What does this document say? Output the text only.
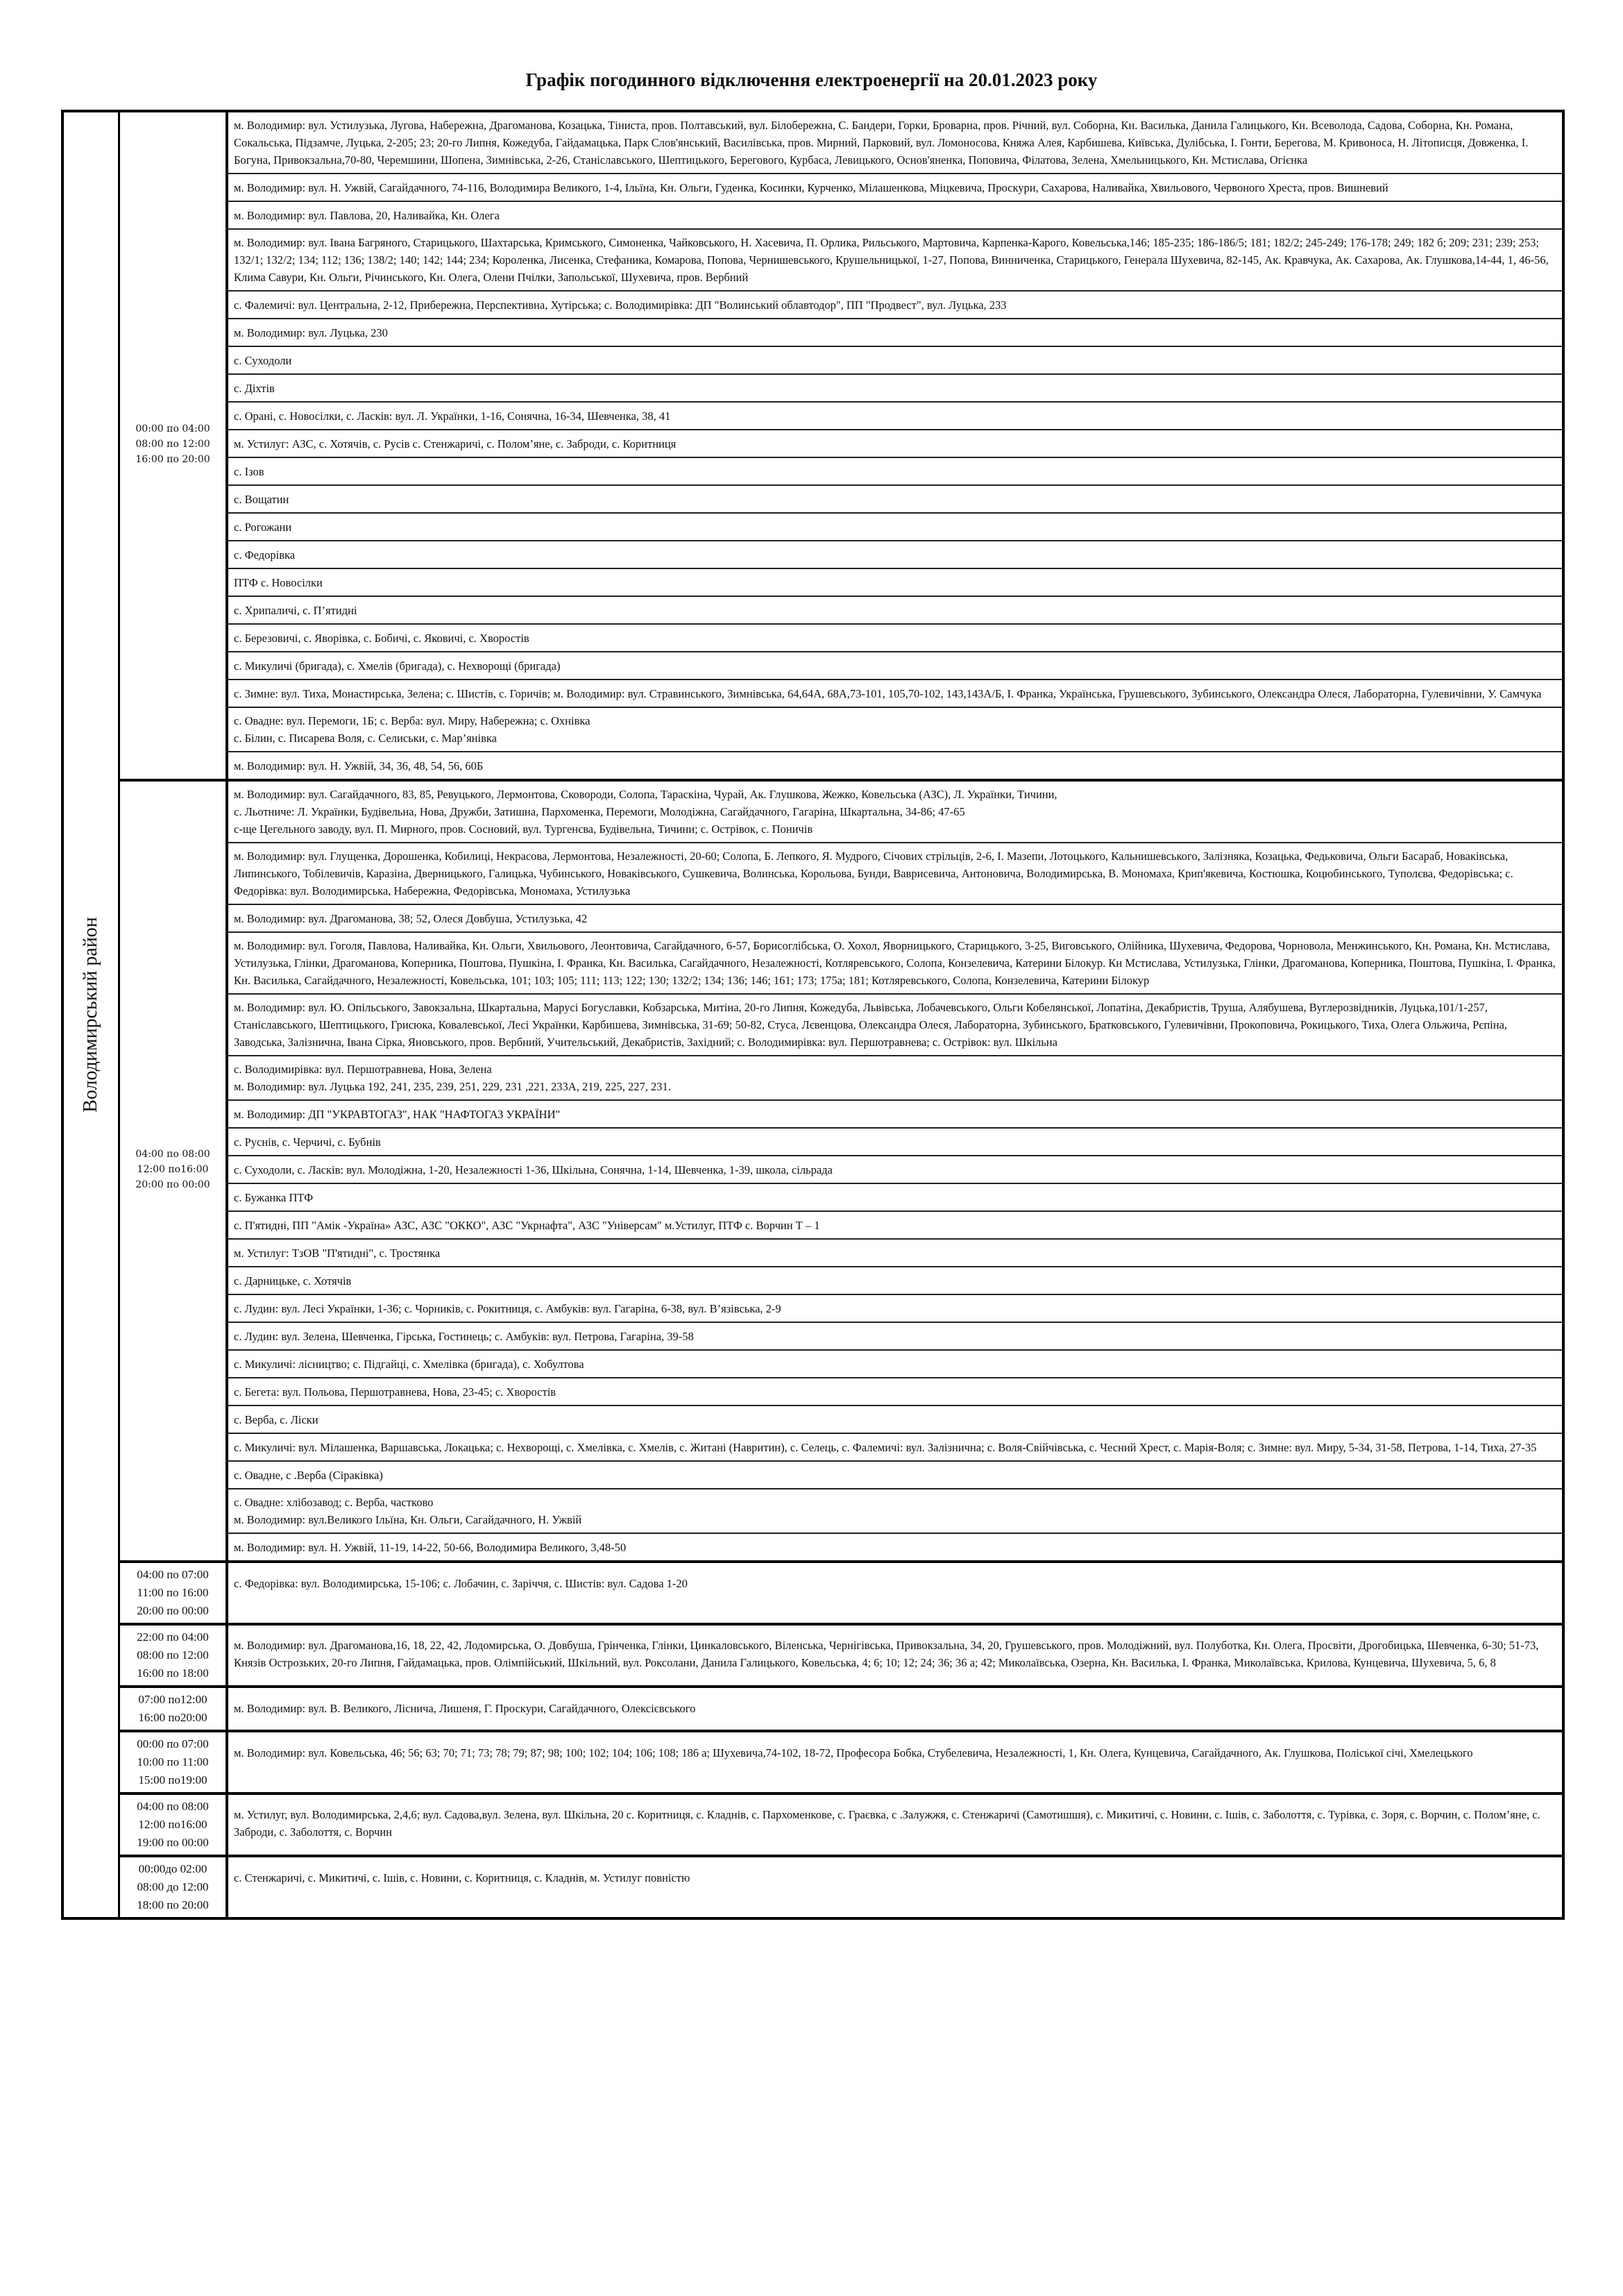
Графік погодинного відключення електроенергії на 20.01.2023 року
Володимирський район
00:00 по 04:00
08:00 по 12:00
16:00 по 20:00
м. Володимир: вул. Устилузька, Лугова, Набережна, Драгоманова, Козацька, Тіниста, пров. Полтавський, вул. Білобережна, С. Бандери, Горки, Броварна, пров. Річний, вул. Соборна, Кн. Василька, Данила Галицького, Кн. Всеволода, Садова, Соборна, Кн. Романа, Сокальська, Підзамче, Луцька, 2-205; 23; 20-го Липня, Кожедуба, Гайдамацька, Парк Слов'янський, Василівська, пров. Мирний, Парковий, вул. Ломоносова, Княжа Алея, Карбишева, Київська, Дулібська, І. Гонти, Берегова, М. Кривоноса, Н. Літописця, Довженка, І. Богуна, Привокзальна,70-80, Черемшини, Шопена, Зимнівська, 2-26, Станіславського, Шептицького, Берегового, Курбаса, Левицького, Основ'яненка, Поповича, Філатова, Зелена, Хмельницького, Кн. Мстислава, Огієнка
м. Володимир: вул. Н. Ужвій, Сагайдачного, 74-116, Володимира Великого, 1-4, Ільїна, Кн. Ольги, Гуденка, Косинки, Курченко, Мілашенкова, Міцкевича, Проскури, Сахарова, Наливайка, Хвильового, Червоного Хреста, пров. Вишневий
м. Володимир: вул. Павлова, 20, Наливайка, Кн. Олега
м. Володимир: вул. Івана Багряного, Старицького, Шахтарська, Кримського, Симоненка, Чайковського, Н. Хасевича, П. Орлика, Рильського, Мартовича, Карпенка-Карого, Ковельська,146; 185-235; 186-186/5; 181; 182/2; 245-249; 176-178; 249; 182 б; 209; 231; 239; 253; 132/1; 132/2; 134; 112; 136; 138/2; 140; 142; 144; 234; Короленка, Лисенка, Стефаника, Комарова, Попова, Чернишевського, Крушельницької, 1-27, Попова, Винниченка, Старицького, Генерала Шухевича, 82-145, Ак. Кравчука, Ак. Сахарова, Ак. Глушкова,14-44, 1, 46-56, Клима Савури, Кн. Ольги, Річинського, Кн. Олега, Олени Пчілки, Запольської, Шухевича, пров. Вербний
с. Фалемичі: вул. Центральна, 2-12, Прибережна, Перспективна, Хутірська; с. Володимирівка: ДП "Волинський облавтодор", ПП "Продвест", вул. Луцька, 233
м. Володимир: вул. Луцька, 230
с. Суходоли
с. Діхтів
с. Орані, с. Новосілки, с. Ласків: вул. Л. Українки, 1-16, Сонячна, 16-34, Шевченка, 38, 41
м. Устилуг: АЗС, с. Хотячів, с. Русів с. Стенжаричі, с. Полом’яне, с. Заброди, с. Коритниця
с. Ізов
с. Вощатин
с. Рогожани
с. Федорівка
ПТФ с. Новосілки
с. Хрипаличі, с. П’ятидні
с. Березовичі, с. Яворівка, с. Бобичі, с. Яковичі, с. Хворостів
с. Микуличі (бригада), с. Хмелів (бригада), с. Нехворощі (бригада)
с. Зимне: вул. Тиха, Монастирська, Зелена; с. Шистів, с. Горичів; м. Володимир: вул. Стравинського, Зимнівська, 64,64А, 68А,73-101, 105,70-102, 143,143А/Б, І. Франка, Українська, Грушевського, Зубинського, Олександра Олеся, Лабораторна, Гулевичівни, У. Самчука
с. Овадне: вул. Перемоги, 1Б; с. Верба: вул. Миру, Набережна; с. Охнівка
с. Білин, с. Писарева Воля, с. Селиськи, с. Мар’янівка
м. Володимир: вул. Н. Ужвій, 34, 36, 48, 54, 56, 60Б
04:00 по 08:00
12:00 по16:00
20:00 по 00:00
м. Володимир: вул. Сагайдачного, 83, 85, Ревуцького, Лермонтова, Сковороди, Солопа, Тараскіна, Чурай, Ак. Глушкова, Жежко, Ковельська (АЗС), Л. Українки, Тичини,
с. Льотниче: Л. Українки, Будівельна, Нова, Дружби, Затишна, Пархоменка, Перемоги, Молодіжна, Сагайдачного, Гагаріна, Шкартальна, 34-86; 47-65
с-ще Цегельного заводу, вул. П. Мирного, пров. Сосновий, вул. Тургенєва, Будівельна, Тичини; с. Острівок, с. Поничів
м. Володимир: вул. Глущенка, Дорошенка, Кобилиці, Некрасова, Лермонтова, Незалежності, 20-60; Солопа, Б. Лепкого, Я. Мудрого, Січових стрільців, 2-6, І. Мазепи, Лотоцького, Кальнишевського, Залізняка, Козацька, Федьковича, Ольги Басараб, Новаківська, Липинського, Тобілевичів, Каразіна, Дверницького, Галицька, Чубинського, Новаківського, Сушкевича, Волинська, Корольова, Бунди, Ваврисевича, Антоновича, Володимирська, В. Мономаха, Крип'якевича, Костюшка, Коцюбинського, Туполєва, Федорівська; с. Федорівка: вул. Володимирська, Набережна, Федорівська, Мономаха, Устилузька
м. Володимир: вул. Драгоманова, 38; 52, Олеся Довбуша, Устилузька, 42
м. Володимир: вул. Гоголя, Павлова, Наливайка, Кн. Ольги, Хвильового, Леонтовича, Сагайдачного, 6-57, Борисоглібська, О. Хохол, Яворницького, Старицького, 3-25, Виговського, Олійника, Шухевича, Федорова, Чорновола, Менжинського, Кн. Романа, Кн. Мстислава, Устилузька, Глінки, Драгоманова, Коперника, Поштова, Пушкіна, І. Франка, Кн. Василька, Сагайдачного, Незалежності, Котляревського, Солопа, Конзелевича, Катерини Білокур. Кн Мстислава, Устилузька, Глінки, Драгоманова, Коперника, Поштова, Пушкіна, І. Франка, Кн. Василька, Сагайдачного, Незалежності, Ковельська, 101; 103; 105; 111; 113; 122; 130; 132/2; 134; 136; 146; 161; 173; 175а; 181; Котляревського, Солопа, Конзелевича, Катерини Білокур
м. Володимир: вул. Ю. Опільського, Завокзальна, Шкартальна, Марусі Богуславки, Кобзарська, Митіна, 20-го Липня, Кожедуба, Львівська, Лобачевського, Ольги Кобелянської, Лопатіна, Декабристів, Труша, Алябушева, Вуглерозвідників, Луцька,101/1-257, Станіславського, Шептицького, Грисюка, Ковалевської, Лесі Українки, Карбишева, Зимнівська, 31-69; 50-82, Стуса, Лєвенцова, Олександра Олеся, Лабораторна, Зубинського, Братковського, Гулевичівни, Прокоповича, Рокицького, Тиха, Олега Ольжича, Рєпіна, Заводська, Залізнична, Івана Сірка, Яновського, пров. Вербний, Учительський, Декабристів, Західний; с. Володимирівка: вул. Першотравнева; с. Острівок: вул. Шкільна
с. Володимирівка: вул. Першотравнева, Нова, Зелена
м. Володимир: вул. Луцька 192, 241, 235, 239, 251, 229, 231 ,221, 233А, 219, 225, 227, 231.
м. Володимир: ДП "УКРАВТОГАЗ", НАК "НАФТОГАЗ УКРАЇНИ"
с. Руснів, с. Черчичі, с. Бубнів
с. Суходоли, с. Ласків: вул. Молодіжна, 1-20, Незалежності 1-36, Шкільна, Сонячна, 1-14, Шевченка, 1-39, школа, сільрада
с. Бужанка ПТФ
с. П'ятидні, ПП "Амік -Україна» АЗС, АЗС "ОККО", АЗС "Укрнафта", АЗС "Універсам" м.Устилуг, ПТФ с. Ворчин Т – 1
м. Устилуг: ТзОВ "П'ятидні", с. Тростянка
с. Дарницьке, с. Хотячів
с. Лудин: вул. Лесі Українки, 1-36; с. Чорників, с. Рокитниця, с. Амбуків: вул. Гагаріна, 6-38, вул. В’язівська, 2-9
с. Лудин: вул. Зелена, Шевченка, Гірська, Гостинець; с. Амбуків: вул. Петрова, Гагаріна, 39-58
с. Микуличі: лісництво; с. Підгайці, с. Хмелівка (бригада), с. Хобултова
с. Бегета: вул. Польова, Першотравнева, Нова, 23-45; с. Хворостів
с. Верба, с. Ліски
с. Микуличі: вул. Мілашенка, Варшавська, Локацька; с. Нехворощі, с. Хмелівка, с. Хмелів, с. Житані (Навритин), с. Селець, с. Фалемичі: вул. Залізнична; с. Воля-Свійчівська, с. Чесний Хрест, с. Марія-Воля; с. Зимне: вул. Миру, 5-34, 31-58, Петрова, 1-14, Тиха, 27-35
с. Овадне, с .Верба (Сіраківка)
с. Овадне: хлібозавод; с. Верба, частково
м. Володимир: вул.Великого Ільїна, Кн. Ольги, Сагайдачного, Н. Ужвій
м. Володимир: вул. Н. Ужвій, 11-19, 14-22, 50-66, Володимира Великого, 3,48-50
04:00 по 07:00
11:00 по 16:00
20:00 по 00:00
с. Федорівка: вул. Володимирська, 15-106; с. Лобачин, с. Заріччя, с. Шистів: вул. Садова 1-20
22:00 по 04:00
08:00 по 12:00
16:00 по 18:00
м. Володимир: вул. Драгоманова,16, 18, 22, 42, Лодомирська, О. Довбуша, Грінченка, Глінки, Цинкаловського, Віленська, Чернігівська, Привокзальна, 34, 20, Грушевського, пров. Молодіжний, вул. Полуботка, Кн. Олега, Просвіти, Дрогобицька, Шевченка, 6-30; 51-73, Князів Острозьких, 20-го Липня, Гайдамацька, пров. Олімпійський, Шкільний, вул. Роксолани, Данила Галицького, Ковельська, 4; 6; 10; 12; 24; 36; 36 а; 42; Миколаївська, Озерна, Кн. Василька, І. Франка, Миколаївська, Крилова, Кунцевича, Шухевича, 5, 6, 8
07:00 по12:00
16:00 по20:00
м. Володимир: вул. В. Великого, Лісничa, Лишеня, Г. Проскури, Сагайдачного, Олексієвського
00:00 по 07:00
10:00 по 11:00
15:00 по19:00
м. Володимир: вул. Ковельська, 46; 56; 63; 70; 71; 73; 78; 79; 87; 98; 100; 102; 104; 106; 108; 186 а; Шухевича,74-102, 18-72, Професора Бобка, Стубелевича, Незалежності, 1, Кн. Олега, Кунцевича, Сагайдачного, Ак. Глушкова, Поліської січі, Хмелецького
04:00 по 08:00
12:00 по16:00
19:00 по 00:00
м. Устилуг, вул. Володимирська, 2,4,6; вул. Садова,вул. Зелена, вул. Шкільна, 20 с. Коритниця, с. Кладнів, с. Пархоменкове, с. Граєвка, с .Залужжя, с. Стенжаричі (Самотишшя), с. Микитичі, с. Новини, с. Ішів, с. Заболоття, с. Турівка, с. Зоря, с. Ворчин, с. Полом’яне, с. Заброди, с. Заболоття, с. Ворчин
00:00до 02:00
08:00 до 12:00
18:00 по 20:00
с. Стенжаричі, с. Микитичі, с. Ішів, с. Новини, с. Коритниця, с. Кладнів, м. Устилуг повністю
